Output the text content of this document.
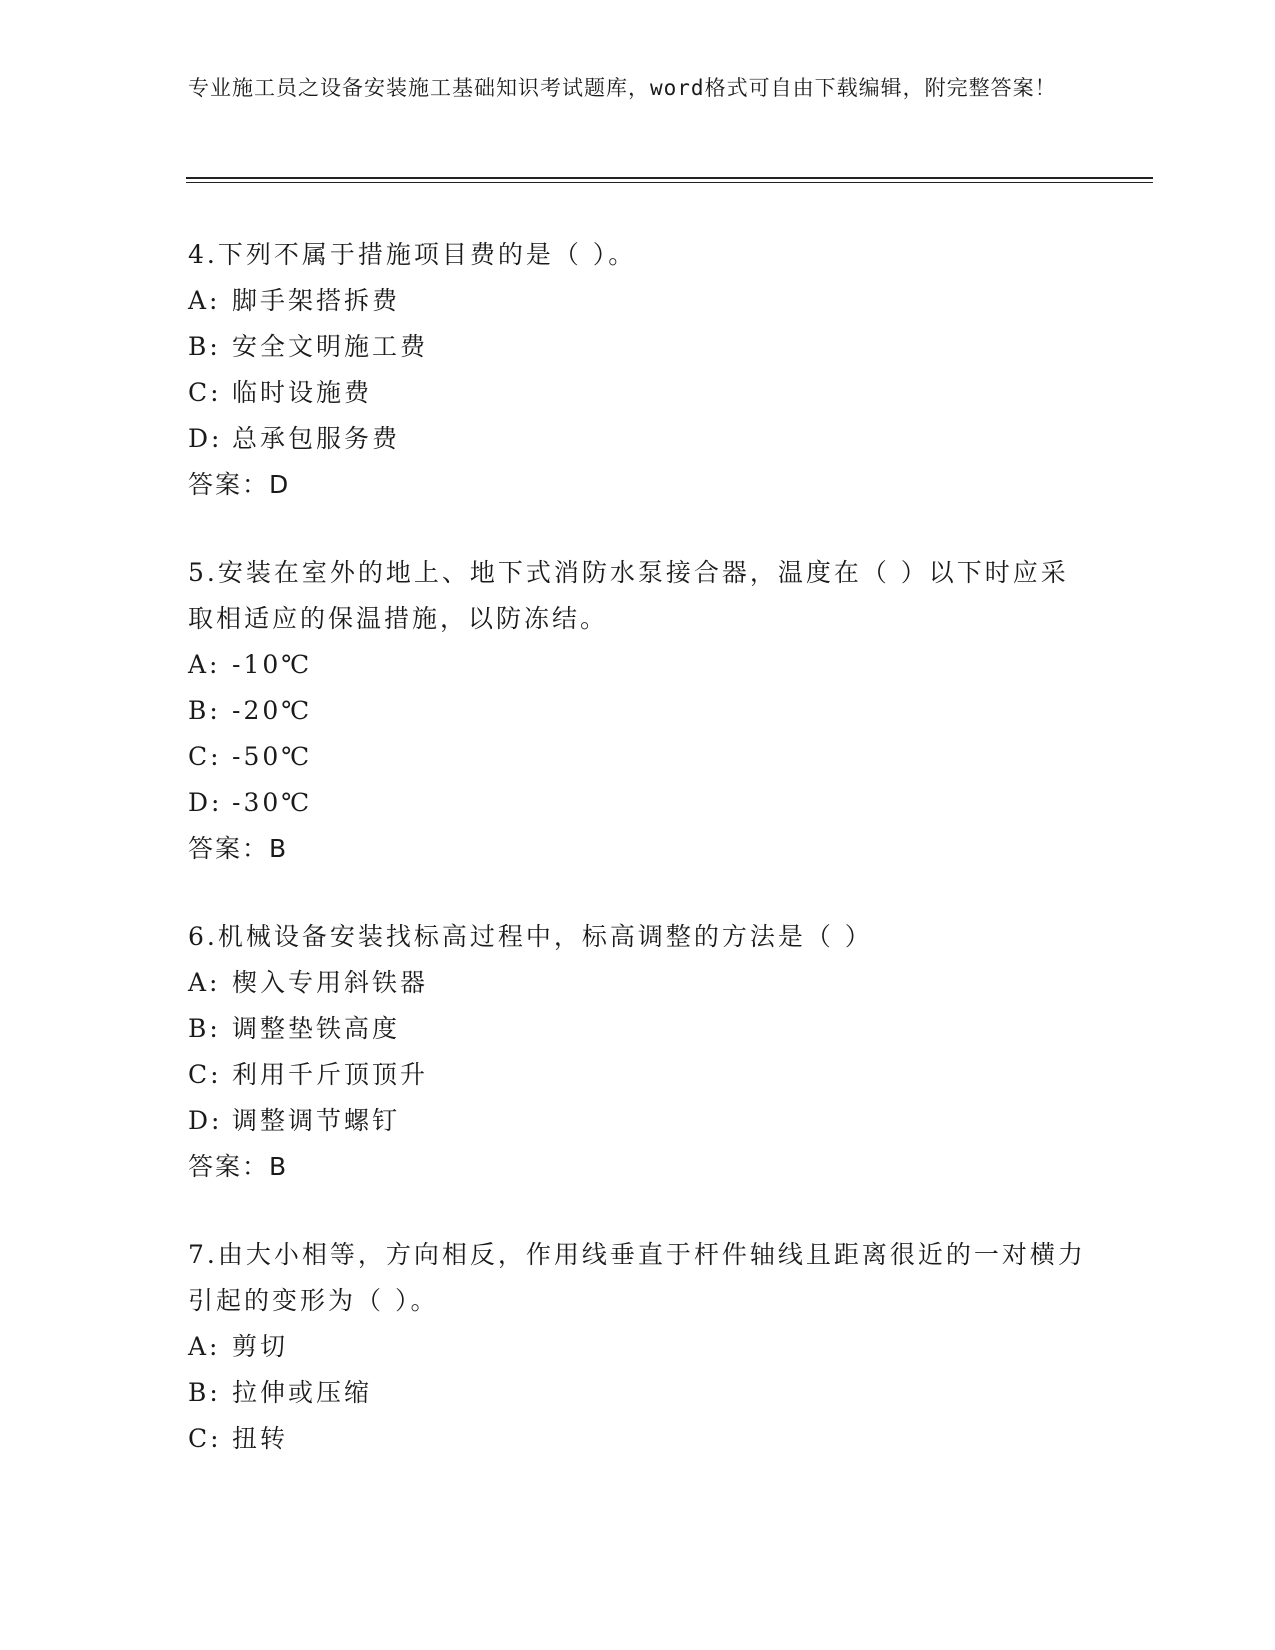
专业施工员之设备安装施工基础知识考试题库，word格式可自由下载编辑，附完整答案！

4.下列不属于措施项目费的是（ ）。

A: 脚手架搭拆费
B: 安全文明施工费
C: 临时设施费
D: 总承包服务费
答案：D

5.安装在室外的地上、地下式消防水泵接合器，温度在（ ）以下时应采取相适应的保温措施，以防冻结。

A: -10℃
B: -20℃
C: -50℃
D: -30℃
答案：B

6.机械设备安装找标高过程中，标高调整的方法是（ ）

A: 楔入专用斜铁器
B: 调整垫铁高度
C: 利用千斤顶顶升
D: 调整调节螺钉
答案：B

7.由大小相等，方向相反，作用线垂直于杆件轴线且距离很近的一对横力引起的变形为（ ）。

A: 剪切
B: 拉伸或压缩
C: 扭转
